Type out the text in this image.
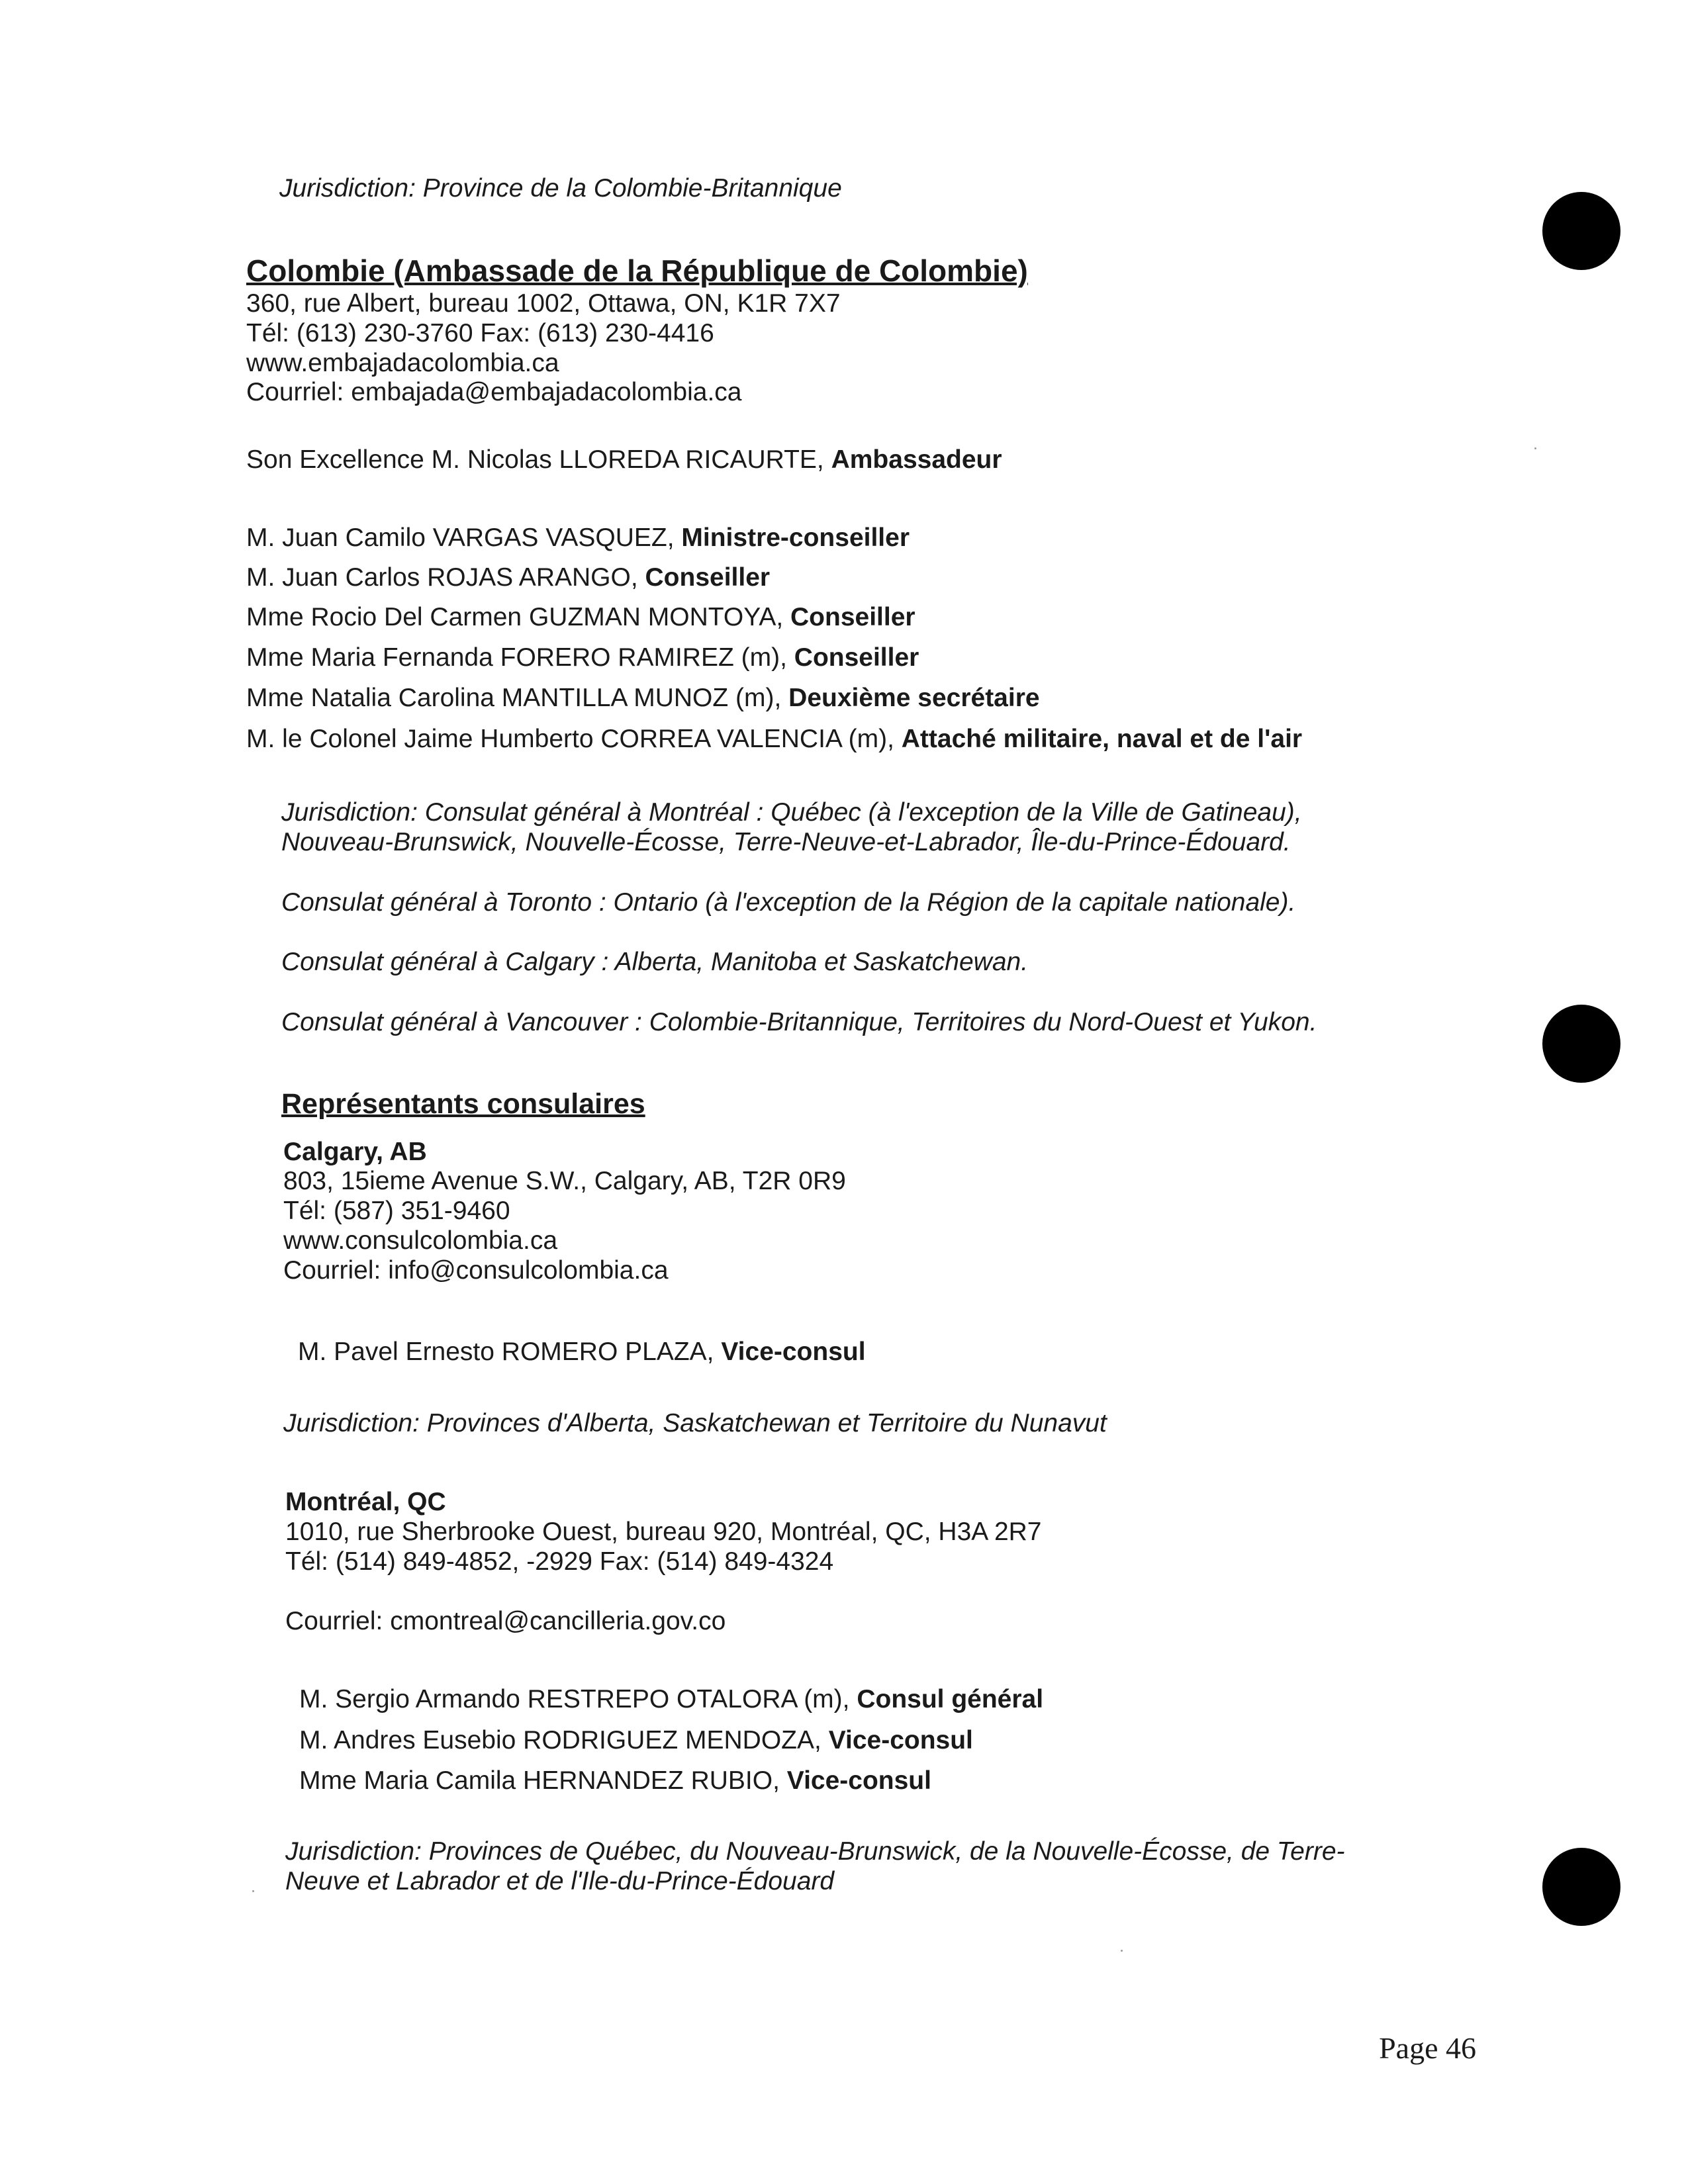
Jurisdiction: Province de la Colombie-Britannique
Colombie (Ambassade de la République de Colombie)
360, rue Albert, bureau 1002, Ottawa, ON, K1R 7X7
Tél: (613) 230-3760 Fax: (613) 230-4416
www.embajadacolombia.ca
Courriel: embajada@embajadacolombia.ca
Son Excellence M. Nicolas LLOREDA RICAURTE, Ambassadeur
M. Juan Camilo VARGAS VASQUEZ, Ministre-conseiller
M. Juan Carlos ROJAS ARANGO, Conseiller
Mme Rocio Del Carmen GUZMAN MONTOYA, Conseiller
Mme Maria Fernanda FORERO RAMIREZ (m), Conseiller
Mme Natalia Carolina MANTILLA MUNOZ (m), Deuxième secrétaire
M. le Colonel Jaime Humberto CORREA VALENCIA (m), Attaché militaire, naval et de l'air
Jurisdiction: Consulat général à Montréal : Québec (à l'exception de la Ville de Gatineau),
Nouveau-Brunswick, Nouvelle-Écosse, Terre-Neuve-et-Labrador, Île-du-Prince-Édouard.
Consulat général à Toronto : Ontario (à l'exception de la Région de la capitale nationale).
Consulat général à Calgary : Alberta, Manitoba et Saskatchewan.
Consulat général à Vancouver : Colombie-Britannique, Territoires du Nord-Ouest et Yukon.
Représentants consulaires
Calgary, AB
803, 15ieme Avenue S.W., Calgary, AB, T2R 0R9
Tél: (587) 351-9460
www.consulcolombia.ca
Courriel: info@consulcolombia.ca
M. Pavel Ernesto ROMERO PLAZA, Vice-consul
Jurisdiction: Provinces d'Alberta, Saskatchewan et Territoire du Nunavut
Montréal, QC
1010, rue Sherbrooke Ouest, bureau 920, Montréal, QC, H3A 2R7
Tél: (514) 849-4852, -2929 Fax: (514) 849-4324
Courriel: cmontreal@cancilleria.gov.co
M. Sergio Armando RESTREPO OTALORA (m), Consul général
M. Andres Eusebio RODRIGUEZ MENDOZA, Vice-consul
Mme Maria Camila HERNANDEZ RUBIO, Vice-consul
Jurisdiction: Provinces de Québec, du Nouveau-Brunswick, de la Nouvelle-Écosse, de Terre-
Neuve et Labrador et de l'Ile-du-Prince-Édouard
Page 46
